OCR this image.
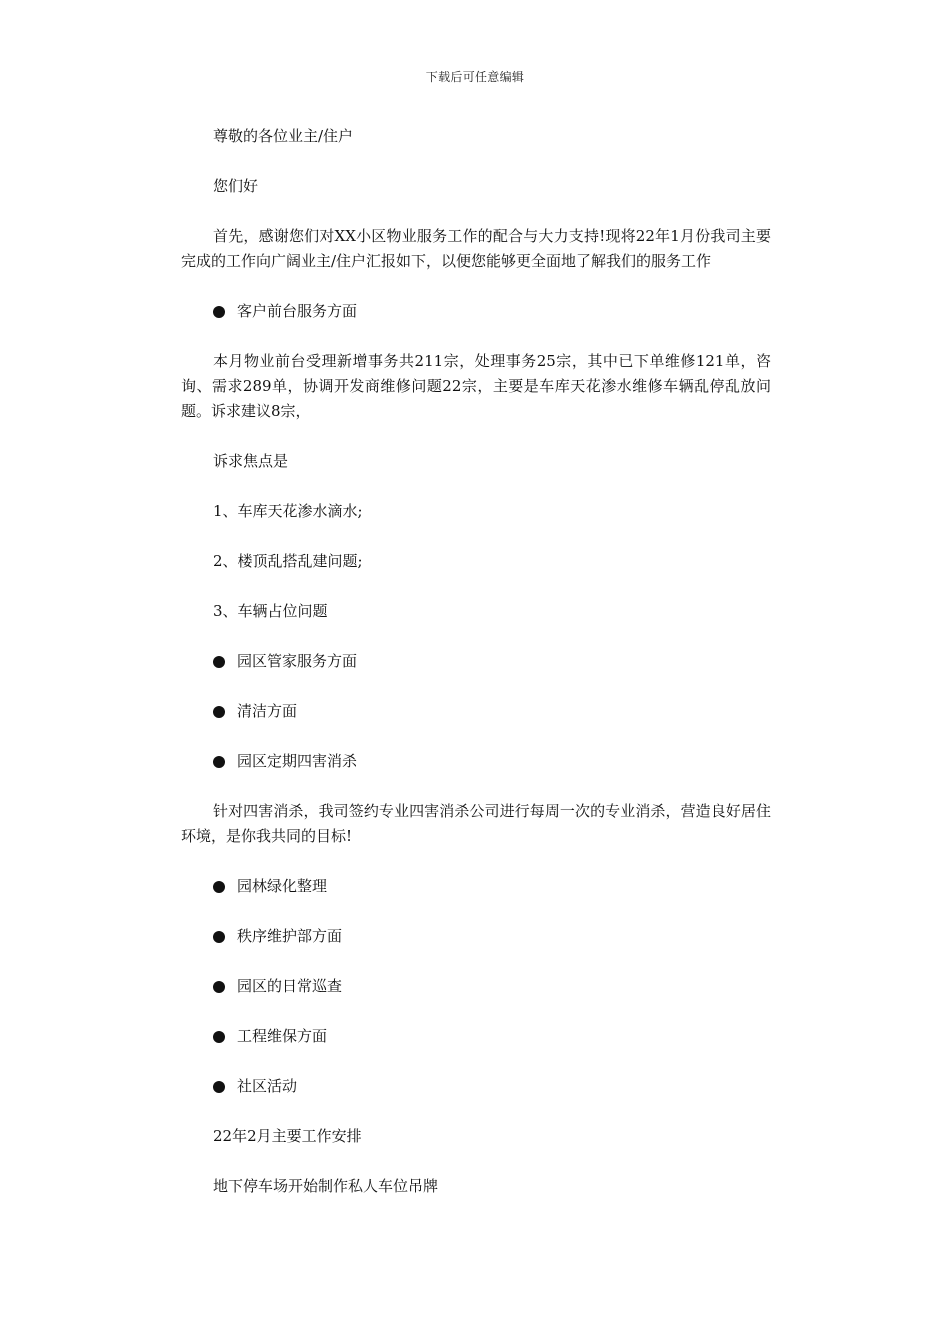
下载后可任意编辑

尊敬的各位业主/住户

您们好

首先，感谢您们对XX小区物业服务工作的配合与大力支持!现将22年1月份我司主要完成的工作向广阔业主/住户汇报如下，以便您能够更全面地了解我们的服务工作

客户前台服务方面

本月物业前台受理新增事务共211宗，处理事务25宗，其中已下单维修121单，咨询、需求289单，协调开发商维修问题22宗，主要是车库天花渗水维修车辆乱停乱放问题。诉求建议8宗，

诉求焦点是

1、车库天花渗水滴水;

2、楼顶乱搭乱建问题;

3、车辆占位问题

园区管家服务方面
清洁方面
园区定期四害消杀

针对四害消杀，我司签约专业四害消杀公司进行每周一次的专业消杀，营造良好居住环境，是你我共同的目标!

园林绿化整理
秩序维护部方面
园区的日常巡查
工程维保方面
社区活动

22年2月主要工作安排

地下停车场开始制作私人车位吊牌
